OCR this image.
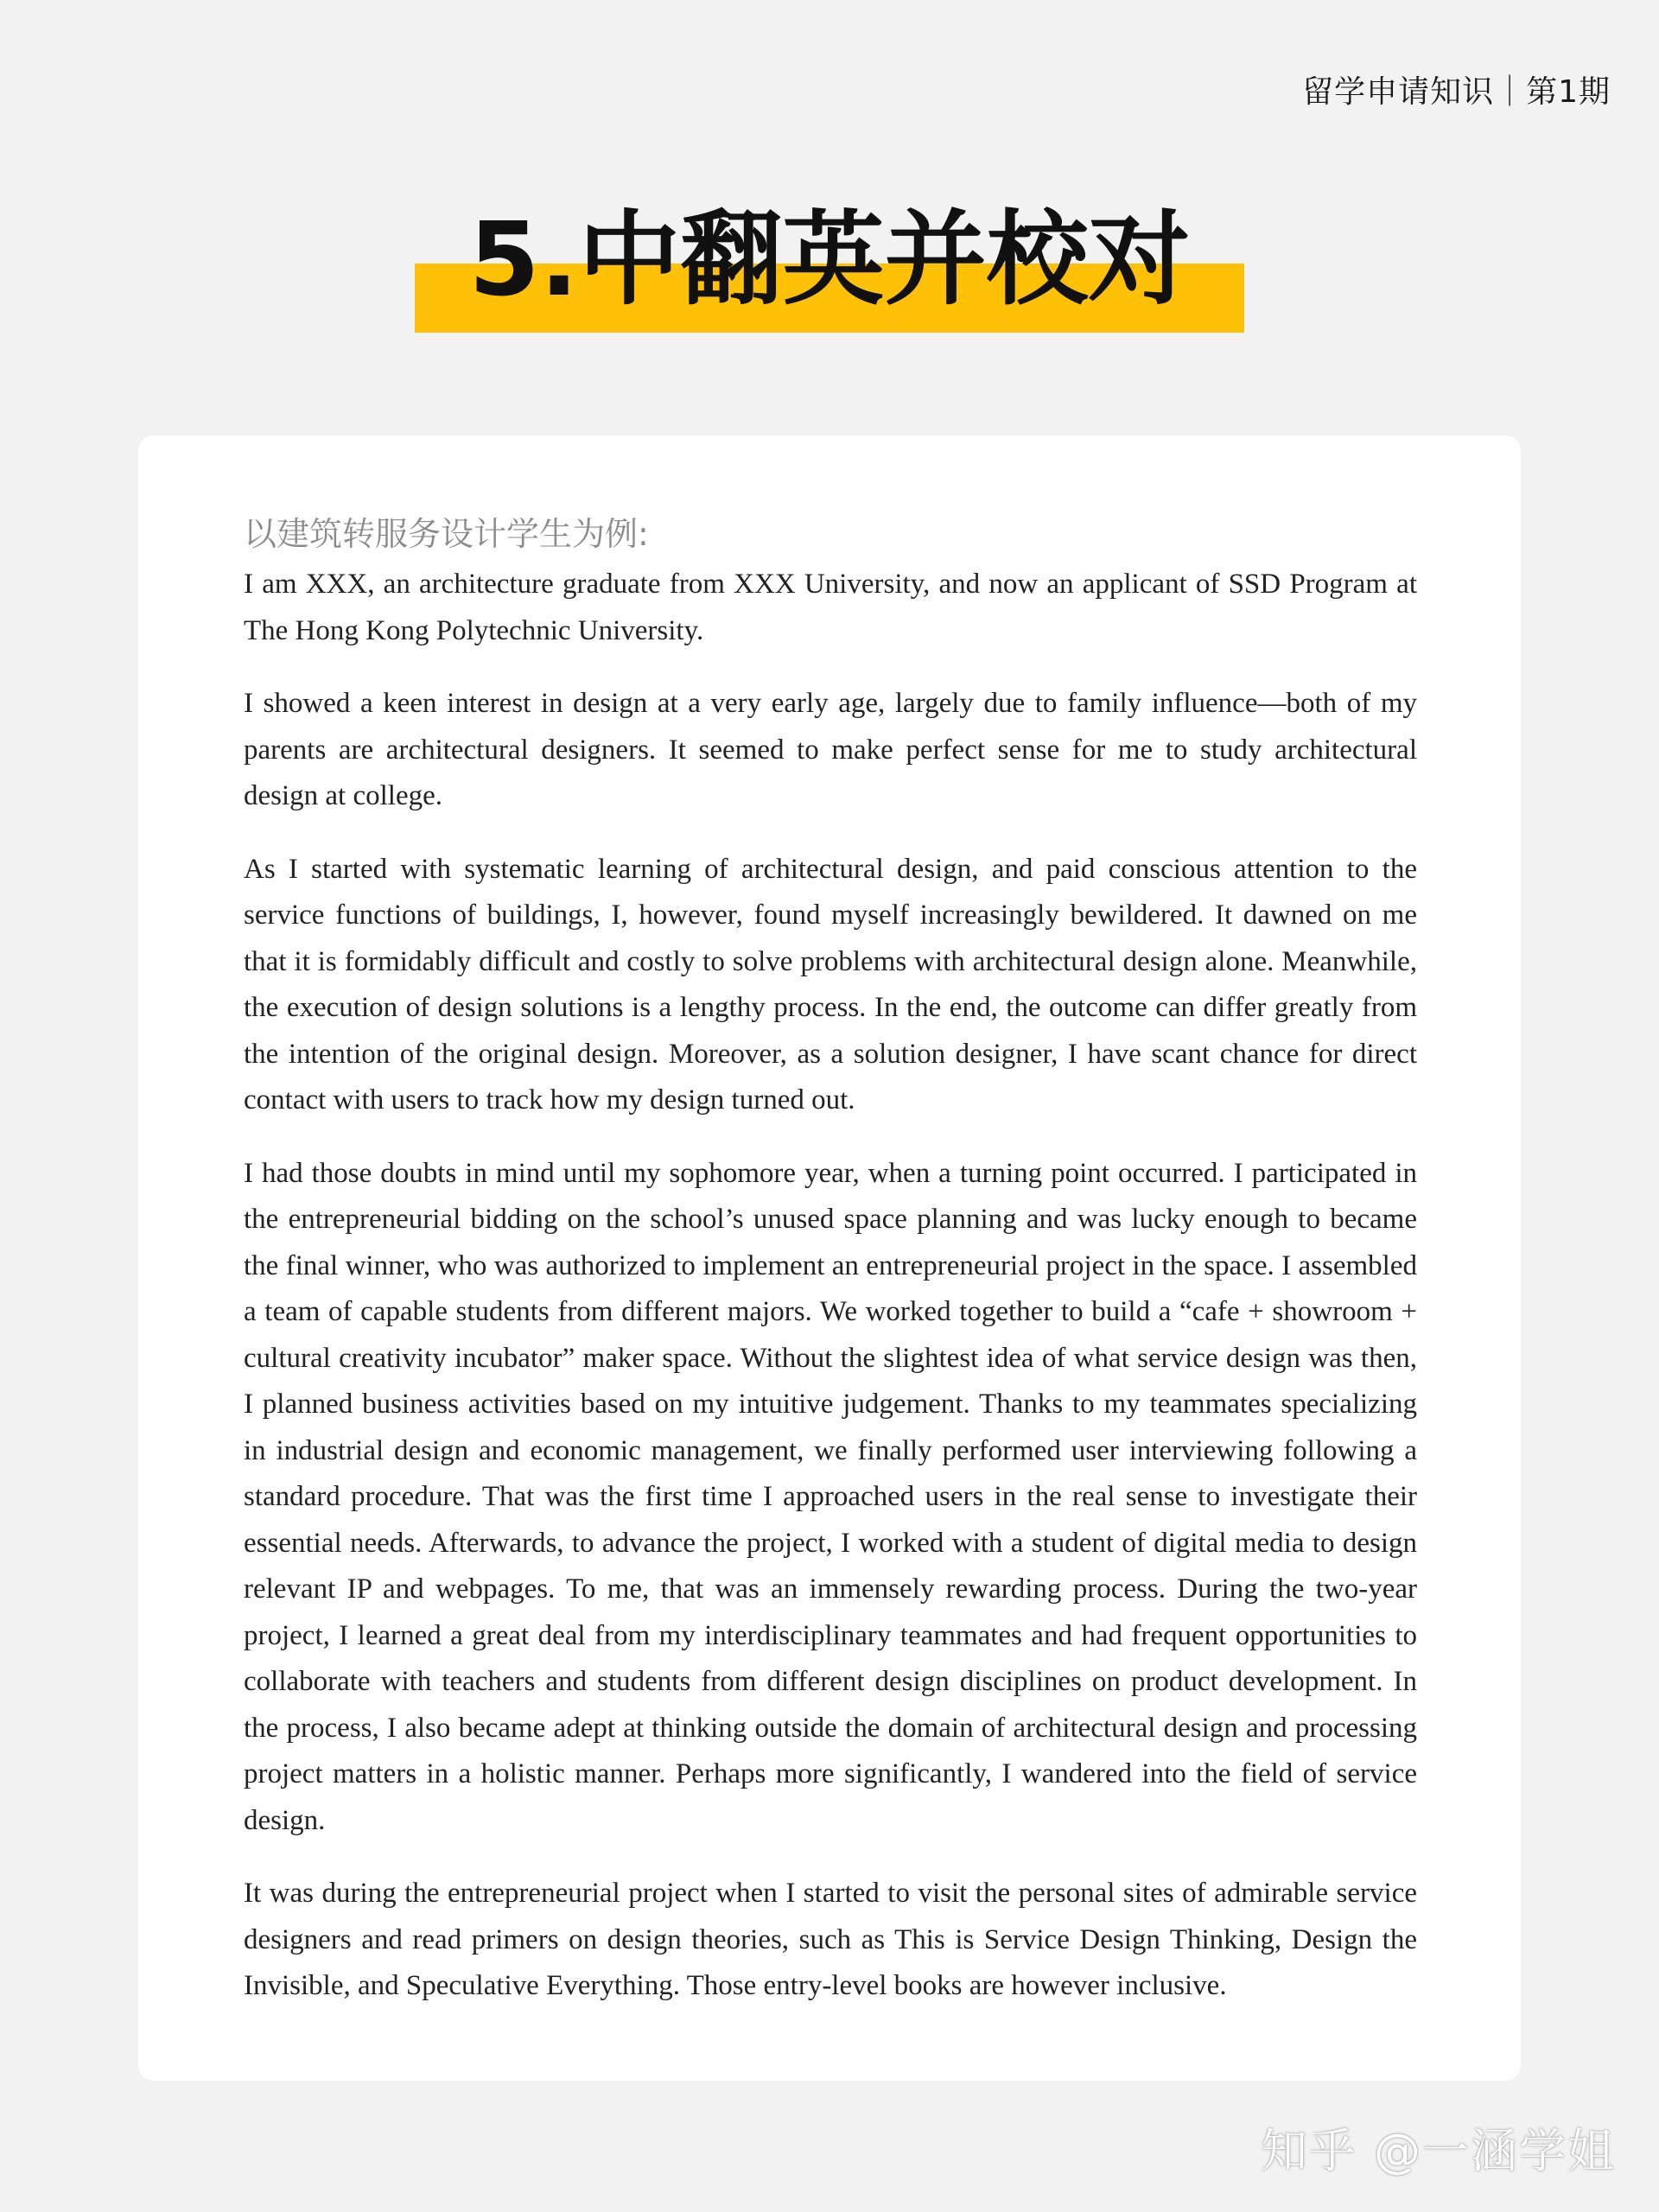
留学申请知识｜第1期
5.中翻英并校对
以建筑转服务设计学生为例:

I am XXX, an architecture graduate from XXX University, and now an applicant of SSD Program at The Hong Kong Polytechnic University.

I showed a keen interest in design at a very early age, largely due to family influence—both of my parents are architectural designers. It seemed to make perfect sense for me to study architectural design at college.

As I started with systematic learning of architectural design, and paid conscious attention to the service functions of buildings, I, however, found myself increasingly bewildered. It dawned on me that it is formidably difficult and costly to solve problems with architectural design alone. Meanwhile, the execution of design solutions is a lengthy process. In the end, the outcome can differ greatly from the intention of the original design. Moreover, as a solution designer, I have scant chance for direct contact with users to track how my design turned out.

I had those doubts in mind until my sophomore year, when a turning point occurred. I participated in the entrepreneurial bidding on the school’s unused space planning and was lucky enough to became the final winner, who was authorized to implement an entrepreneurial project in the space. I assembled a team of capable students from different majors. We worked together to build a “cafe + showroom + cultural creativity incubator” maker space. Without the slightest idea of what service design was then, I planned business activities based on my intuitive judgement. Thanks to my teammates specializing in industrial design and economic management, we finally performed user interviewing following a standard procedure. That was the first time I approached users in the real sense to investigate their essential needs. Afterwards, to advance the project, I worked with a student of digital media to design relevant IP and webpages. To me, that was an immensely rewarding process. During the two-year project, I learned a great deal from my interdisciplinary teammates and had frequent opportunities to collaborate with teachers and students from different design disciplines on product development. In the process, I also became adept at thinking outside the domain of architectural design and processing project matters in a holistic manner. Perhaps more significantly, I wandered into the field of service design.

It was during the entrepreneurial project when I started to visit the personal sites of admirable service designers and read primers on design theories, such as This is Service Design Thinking, Design the Invisible, and Speculative Everything. Those entry-level books are however inclusive.

知乎 @一涵学姐
